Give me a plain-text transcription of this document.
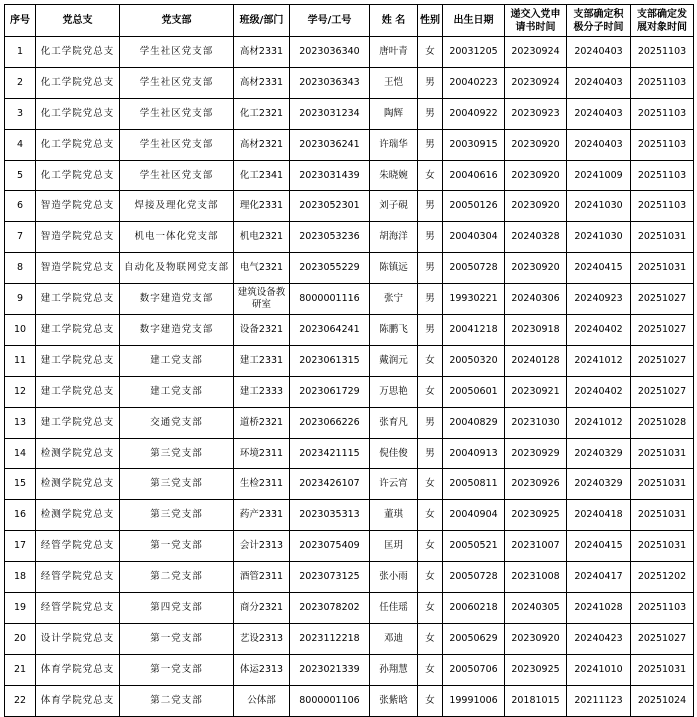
序号	党总支	党支部	班级/部门	学号/工号	姓 名	性别	出生日期	递交入党申请书时间	支部确定积极分子时间	支部确定发展对象时间

1	化工学院党总支	学生社区党支部	高材2331	2023036340	唐叶青	女	20031205	20230924	20240403	20251103
2	化工学院党总支	学生社区党支部	高材2331	2023036343	王恺	男	20040223	20230924	20240403	20251103
3	化工学院党总支	学生社区党支部	化工2321	2023031234	陶辉	男	20040922	20230923	20240403	20251103
4	化工学院党总支	学生社区党支部	高材2321	2023036241	许瑞华	男	20030915	20230920	20240403	20251103
5	化工学院党总支	学生社区党支部	化工2341	2023031439	朱晓婉	女	20040616	20230920	20241009	20251103
6	智造学院党总支	焊接及理化党支部	理化2331	2023052301	刘子硯	男	20050126	20230920	20241030	20251103
7	智造学院党总支	机电一体化党支部	机电2321	2023053236	胡海洋	男	20040304	20240328	20241030	20251031
8	智造学院党总支	自动化及物联网党支部	电气2321	2023055229	陈镇远	男	20050728	20230920	20240415	20251031
9	建工学院党总支	数字建造党支部	建筑设备教研室	8000001116	张宁	男	19930221	20240306	20240923	20251027
10	建工学院党总支	数字建造党支部	设备2321	2023064241	陈鹏飞	男	20041218	20230918	20240402	20251027
11	建工学院党总支	建工党支部	建工2331	2023061315	戴润元	女	20050320	20240128	20241012	20251027
12	建工学院党总支	建工党支部	建工2333	2023061729	万思艳	女	20050601	20230921	20240402	20251027
13	建工学院党总支	交通党支部	道桥2321	2023066226	张育凡	男	20040829	20231030	20241012	20251028
14	检测学院党总支	第三党支部	环境2311	2023421115	倪佳俊	男	20040913	20230929	20240329	20251031
15	检测学院党总支	第三党支部	生检2311	2023426107	许云宵	女	20050811	20230926	20240329	20251031
16	检测学院党总支	第三党支部	药产2331	2023035313	董琪	女	20040904	20230925	20240418	20251031
17	经管学院党总支	第一党支部	会计2313	2023075409	匡玥	女	20050521	20231007	20240415	20251031
18	经管学院党总支	第二党支部	酒管2311	2023073125	张小雨	女	20050728	20231008	20240417	20251202
19	经管学院党总支	第四党支部	商分2321	2023078202	任佳瑶	女	20060218	20240305	20241028	20251103
20	设计学院党总支	第一党支部	艺设2313	2023112218	邓迪	女	20050629	20230920	20240423	20251027
21	体育学院党总支	第一党支部	体运2313	2023021339	孙翔慧	女	20050706	20230925	20241010	20251031
22	体育学院党总支	第二党支部	公体部	8000001106	张紫晗	女	19991006	20181015	20211123	20251024
